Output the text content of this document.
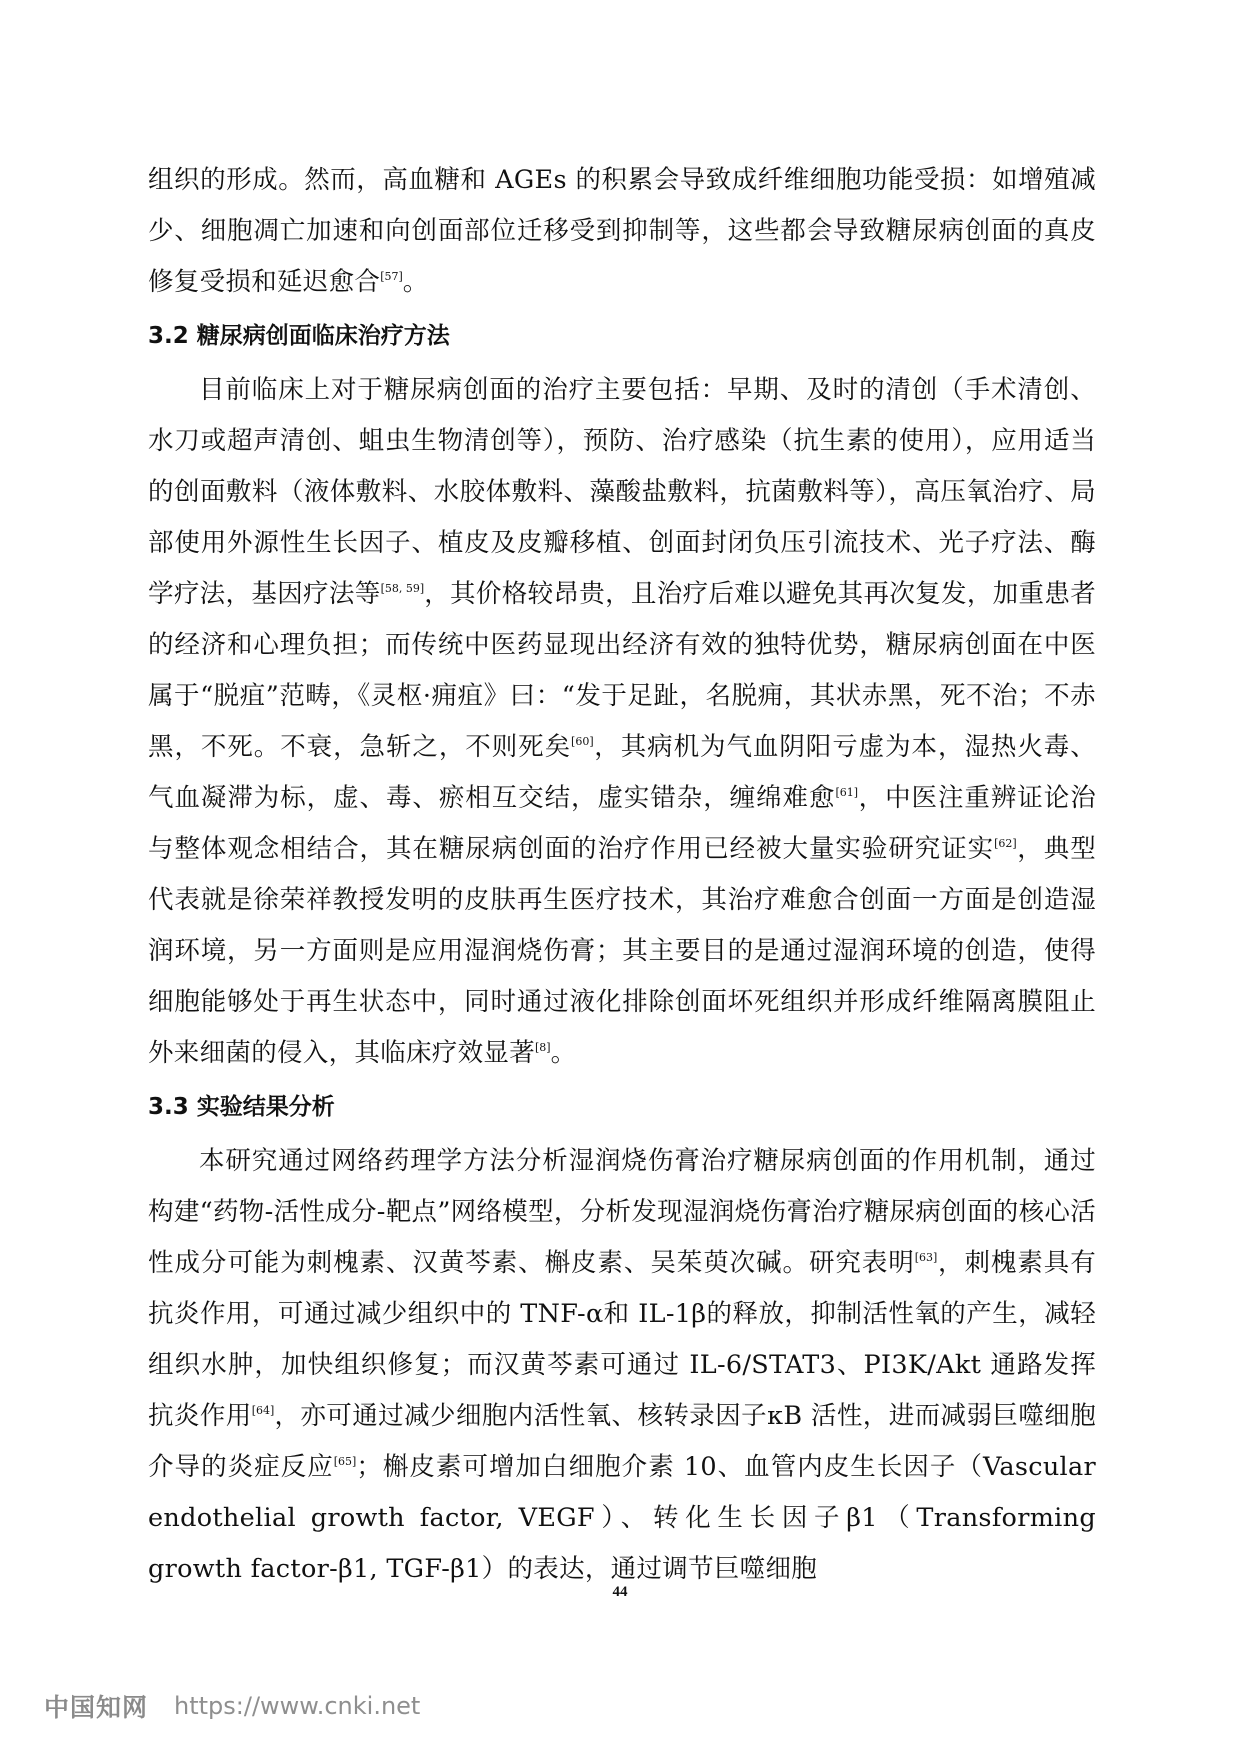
组织的形成。然而，高血糖和 AGEs 的积累会导致成纤维细胞功能受损：如增殖减少、细胞凋亡加速和向创面部位迁移受到抑制等，这些都会导致糖尿病创面的真皮修复受损和延迟愈合[57]。

3.2 糖尿病创面临床治疗方法

目前临床上对于糖尿病创面的治疗主要包括：早期、及时的清创（手术清创、水刀或超声清创、蛆虫生物清创等），预防、治疗感染（抗生素的使用），应用适当的创面敷料（液体敷料、水胶体敷料、藻酸盐敷料，抗菌敷料等），高压氧治疗、局部使用外源性生长因子、植皮及皮瓣移植、创面封闭负压引流技术、光子疗法、酶学疗法，基因疗法等[58, 59]，其价格较昂贵，且治疗后难以避免其再次复发，加重患者的经济和心理负担；而传统中医药显现出经济有效的独特优势，糖尿病创面在中医属于“脱疽”范畴，《灵枢·痈疽》曰：“发于足趾，名脱痈，其状赤黑，死不治；不赤黑，不死。不衰，急斩之，不则死矣[60]，其病机为气血阴阳亏虚为本，湿热火毒、气血凝滞为标，虚、毒、瘀相互交结，虚实错杂，缠绵难愈[61]，中医注重辨证论治与整体观念相结合，其在糖尿病创面的治疗作用已经被大量实验研究证实[62]，典型代表就是徐荣祥教授发明的皮肤再生医疗技术，其治疗难愈合创面一方面是创造湿润环境，另一方面则是应用湿润烧伤膏；其主要目的是通过湿润环境的创造，使得细胞能够处于再生状态中，同时通过液化排除创面坏死组织并形成纤维隔离膜阻止外来细菌的侵入，其临床疗效显著[8]。

3.3 实验结果分析

本研究通过网络药理学方法分析湿润烧伤膏治疗糖尿病创面的作用机制，通过构建“药物-活性成分-靶点”网络模型，分析发现湿润烧伤膏治疗糖尿病创面的核心活性成分可能为刺槐素、汉黄芩素、槲皮素、吴茱萸次碱。研究表明[63]，刺槐素具有抗炎作用，可通过减少组织中的 TNF-α和 IL-1β的释放，抑制活性氧的产生，减轻组织水肿，加快组织修复；而汉黄芩素可通过 IL-6/STAT3、PI3K/Akt 通路发挥抗炎作用[64]，亦可通过减少细胞内活性氧、核转录因子κB 活性，进而减弱巨噬细胞介导的炎症反应[65]；槲皮素可增加白细胞介素 10、血管内皮生长因子（Vascular endothelial growth factor, VEGF）、转化生长因子β1（Transforming growth factor-β1, TGF-β1）的表达，通过调节巨噬细胞

44
中国知网 https://www.cnki.net
